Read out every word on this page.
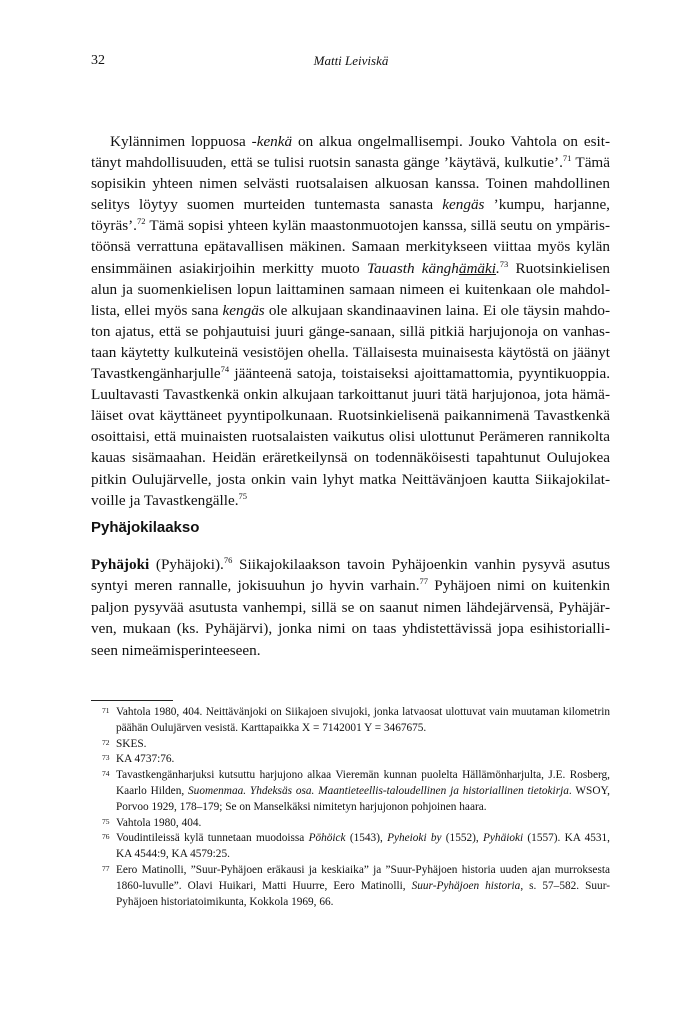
32	Matti Leiviskä

Kylännimen loppuosa -kenkä on alkua ongelmallisempi. Jouko Vahtola on esittänyt mahdollisuuden, että se tulisi ruotsin sanasta gänge ’käytävä, kulkutie’.$^{71}$ Tämä sopisikin yhteen nimen selvästi ruotsalaisen alkuosan kanssa. Toinen mahdollinen selitys löytyy suomen murteiden tuntemasta sanasta kengäs ’kumpu, harjanne, töyräs’.$^{72}$ Tämä sopisi yhteen kylän maastonmuotojen kanssa, sillä seutu on ympäristöönsä verrattuna epätavallisen mäkinen. Samaan merkitykseen viittaa myös kylän ensimmäinen asiakirjoihin merkitty muoto Tauasth känghämäki.$^{73}$ Ruotsinkielisen alun ja suomenkielisen lopun laittaminen samaan nimeen ei kuitenkaan ole mahdollista, ellei myös sana kengäs ole alkujaan skandinaavinen laina. Ei ole täysin mahdoton ajatus, että se pohjautuisi juuri gänge-sanaan, sillä pitkiä harjujonoja on vanhastaan käytetty kulkuteinä vesistöjen ohella. Tällaisesta muinaisesta käytöstä on jäänyt Tavastkengänharjulle$^{74}$ jäänteenä satoja, toistaiseksi ajoittamattomia, pyyntikuoppia. Luultavasti Tavastkenkä onkin alkujaan tarkoittanut juuri tätä harjujonoa, jota hämäläiset ovat käyttäneet pyyntipolkunaan. Ruotsinkielisenä paikannimenä Tavastkenkä osoittaisi, että muinaisten ruotsalaisten vaikutus olisi ulottunut Perämeren rannikolta kauas sisämaahan. Heidän eräretkeilynsä on todennäköisesti tapahtunut Oulujokea pitkin Oulujärvelle, josta onkin vain lyhyt matka Neittävänjoen kautta Siikajokilatvoille ja Tavastkengälle.$^{75}$

Pyhäjokilaakso

Pyhäjoki (Pyhäjoki).$^{76}$ Siikajokilaakson tavoin Pyhäjoenkin vanhin pysyvä asutus syntyi meren rannalle, jokisuuhun jo hyvin varhain.$^{77}$ Pyhäjoen nimi on kuitenkin paljon pysyvää asutusta vanhempi, sillä se on saanut nimen lähdejärvensä, Pyhäjärven, mukaan (ks. Pyhäjärvi), jonka nimi on taas yhdistettävissä jopa esihistorialliseen nimeämisperinteeseen.

71 Vahtola 1980, 404. Neittävänjoki on Siikajoen sivujoki, jonka latvaosat ulottuvat vain muutaman kilometrin päähän Oulujärven vesistä. Karttapaikka X = 7142001 Y = 3467675.
72 SKES.
73 KA 4737:76.
74 Tavastkengänharjuksi kutsuttu harjujono alkaa Vieremän kunnan puolelta Hällämönharjulta, J.E. Rosberg, Kaarlo Hilden, Suomenmaa. Yhdeksäs osa. Maantieteellis-taloudellinen ja historiallinen tietokirja. WSOY, Porvoo 1929, 178–179; Se on Manselkäksi nimitetyn harjujonon pohjoinen haara.
75 Vahtola 1980, 404.
76 Voudintileissä kylä tunnetaan muodoissa Pöhöick (1543), Pyheioki by (1552), Pyhäioki (1557). KA 4531, KA 4544:9, KA 4579:25.
77 Eero Matinolli, ”Suur-Pyhäjoen eräkausi ja keskiaika” ja ”Suur-Pyhäjoen historia uuden ajan murroksesta 1860-luvulle”. Olavi Huikari, Matti Huurre, Eero Matinolli, Suur-Pyhäjoen historia, s. 57–582. Suur-Pyhäjoen historiatoimikunta, Kokkola 1969, 66.
